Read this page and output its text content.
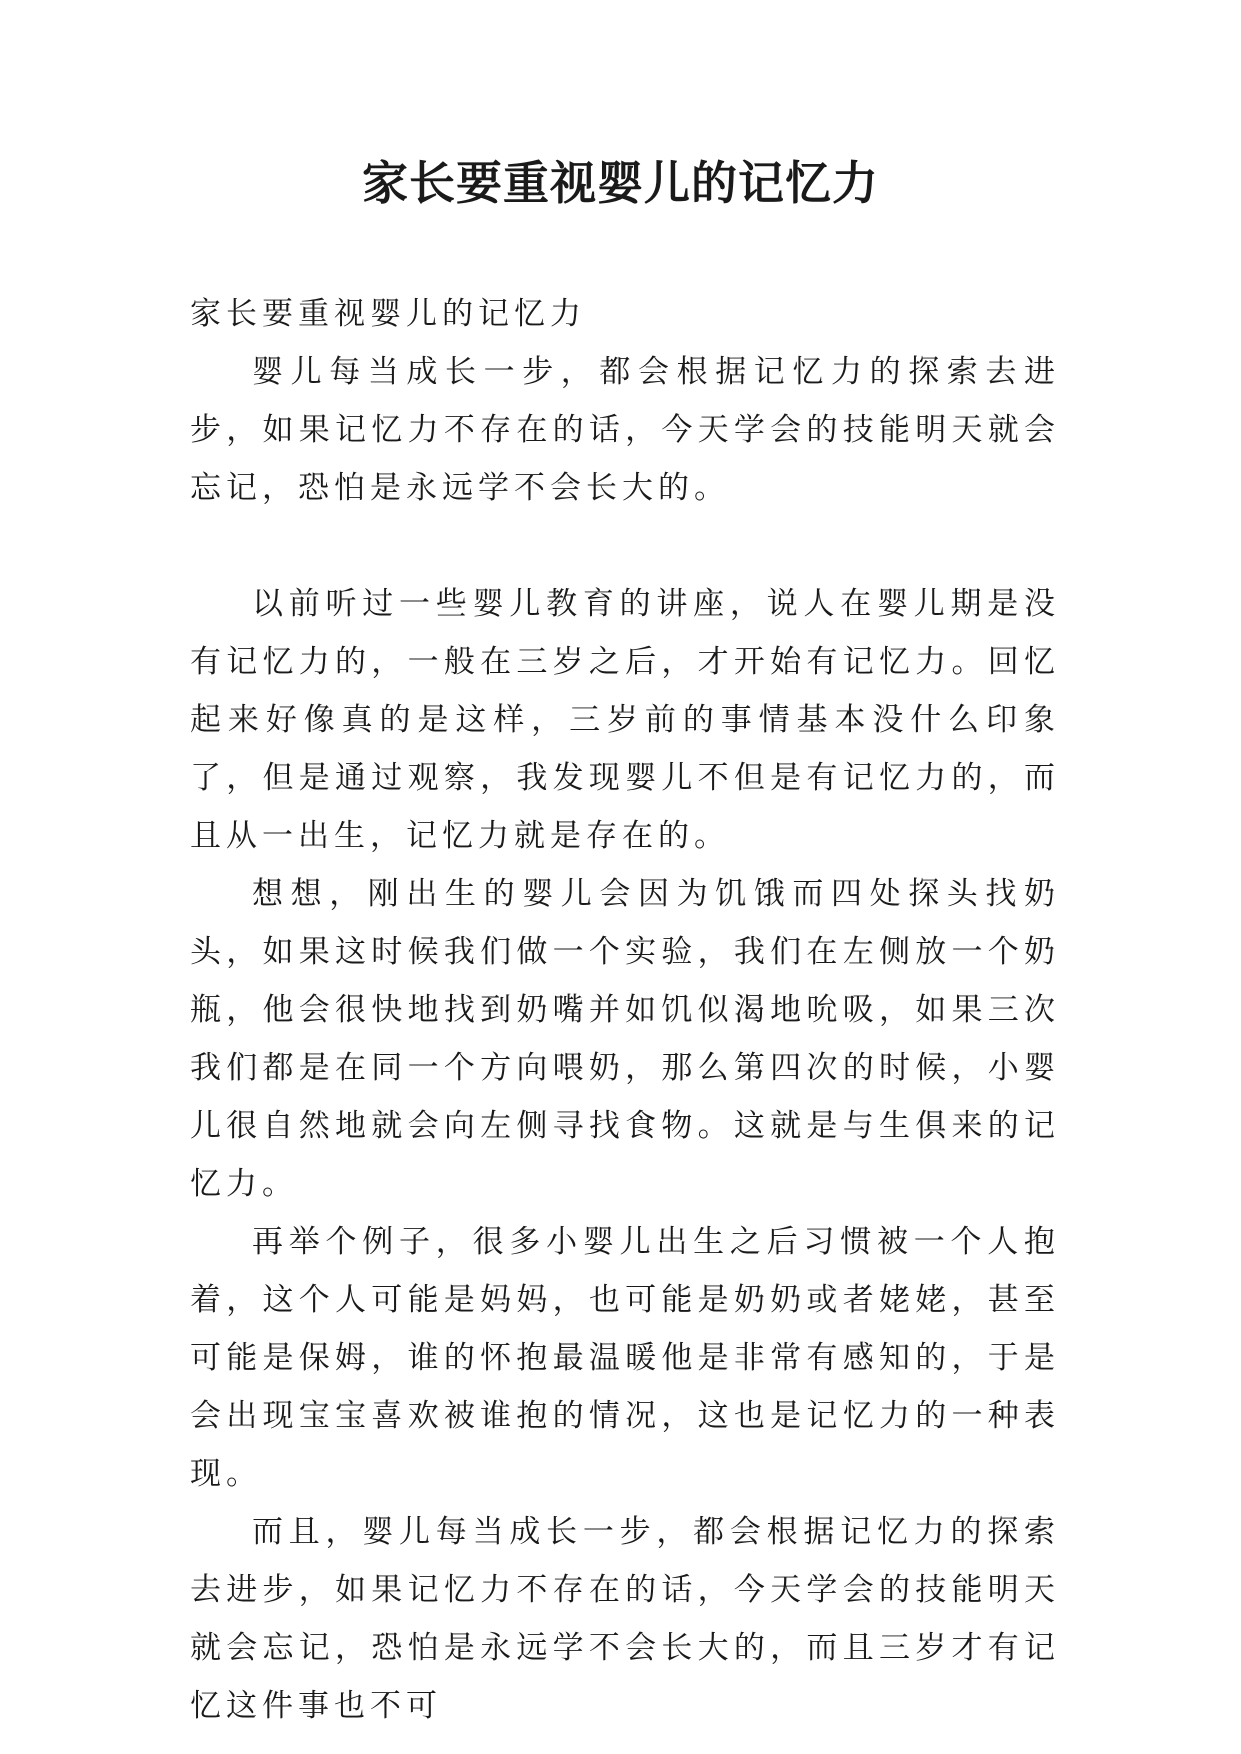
家长要重视婴儿的记忆力

家长要重视婴儿的记忆力

婴儿每当成长一步，都会根据记忆力的探索去进步，如果记忆力不存在的话，今天学会的技能明天就会忘记，恐怕是永远学不会长大的。

以前听过一些婴儿教育的讲座，说人在婴儿期是没有记忆力的，一般在三岁之后，才开始有记忆力。回忆起来好像真的是这样，三岁前的事情基本没什么印象了，但是通过观察，我发现婴儿不但是有记忆力的，而且从一出生，记忆力就是存在的。

想想，刚出生的婴儿会因为饥饿而四处探头找奶头，如果这时候我们做一个实验，我们在左侧放一个奶瓶，他会很快地找到奶嘴并如饥似渴地吮吸，如果三次我们都是在同一个方向喂奶，那么第四次的时候，小婴儿很自然地就会向左侧寻找食物。这就是与生俱来的记忆力。

再举个例子，很多小婴儿出生之后习惯被一个人抱着，这个人可能是妈妈，也可能是奶奶或者姥姥，甚至可能是保姆，谁的怀抱最温暖他是非常有感知的，于是会出现宝宝喜欢被谁抱的情况，这也是记忆力的一种表现。

而且，婴儿每当成长一步，都会根据记忆力的探索去进步，如果记忆力不存在的话，今天学会的技能明天就会忘记，恐怕是永远学不会长大的，而且三岁才有记忆这件事也不可
